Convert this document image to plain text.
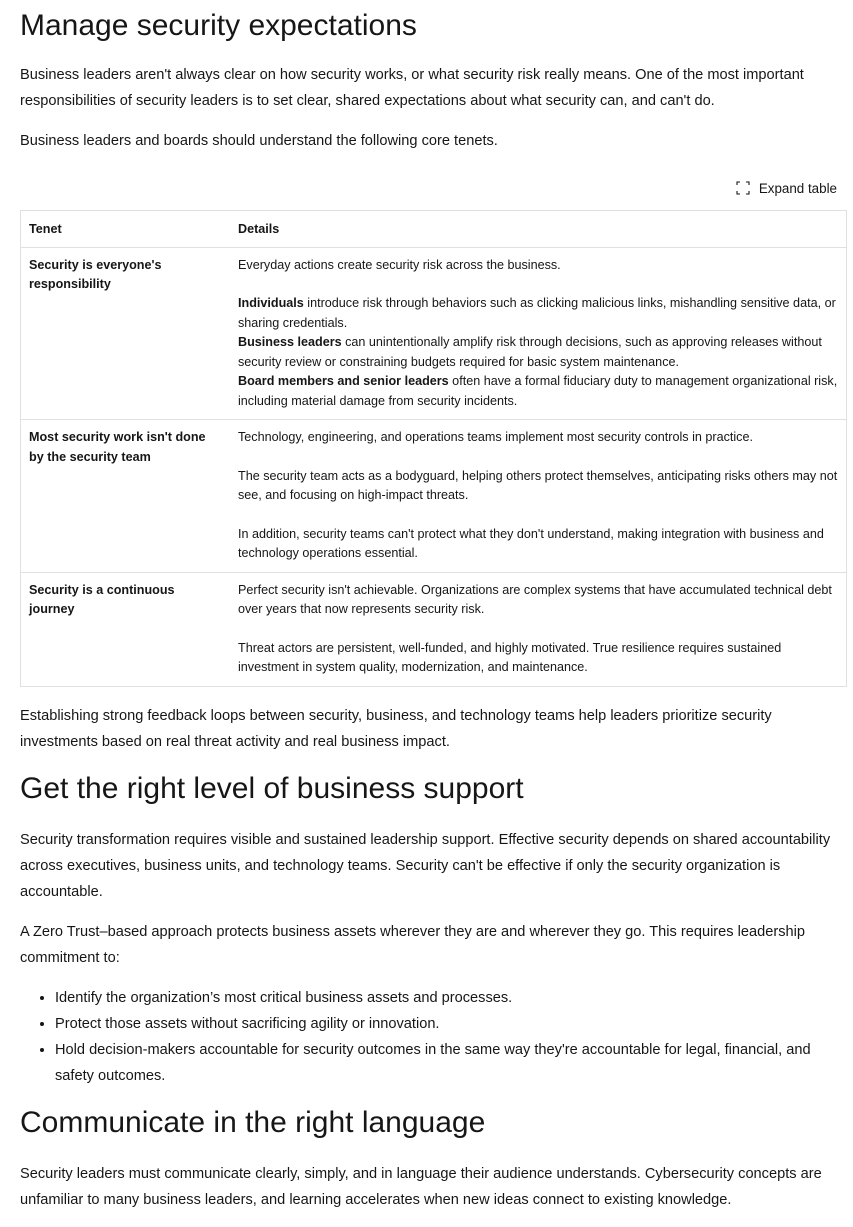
Manage security expectations

Business leaders aren't always clear on how security works, or what security risk really means. One of the most important responsibilities of security leaders is to set clear, shared expectations about what security can, and can't do.

Business leaders and boards should understand the following core tenets.

Expand table
Tenet	Details
Security is everyone's responsibility	Everyday actions create security risk across the business.
Individuals introduce risk through behaviors such as clicking malicious links, mishandling sensitive data, or sharing credentials.
Business leaders can unintentionally amplify risk through decisions, such as approving releases without security review or constraining budgets required for basic system maintenance.
Board members and senior leaders often have a formal fiduciary duty to management organizational risk, including material damage from security incidents.

Most security work isn't done by the security team	Technology, engineering, and operations teams implement most security controls in practice.
The security team acts as a bodyguard, helping others protect themselves, anticipating risks others may not see, and focusing on high-impact threats.
In addition, security teams can't protect what they don't understand, making integration with business and technology operations essential.

Security is a continuous journey	Perfect security isn't achievable. Organizations are complex systems that have accumulated technical debt over years that now represents security risk.
Threat actors are persistent, well-funded, and highly motivated. True resilience requires sustained investment in system quality, modernization, and maintenance.

Establishing strong feedback loops between security, business, and technology teams help leaders prioritize security investments based on real threat activity and real business impact.

Get the right level of business support

Security transformation requires visible and sustained leadership support. Effective security depends on shared accountability across executives, business units, and technology teams. Security can't be effective if only the security organization is accountable.

A Zero Trust–based approach protects business assets wherever they are and wherever they go. This requires leadership commitment to:

• Identify the organization’s most critical business assets and processes.
• Protect those assets without sacrificing agility or innovation.
• Hold decision-makers accountable for security outcomes in the same way they're accountable for legal, financial, and safety outcomes.
Communicate in the right language

Security leaders must communicate clearly, simply, and in language their audience understands. Cybersecurity concepts are unfamiliar to many business leaders, and learning accelerates when new ideas connect to existing knowledge.
